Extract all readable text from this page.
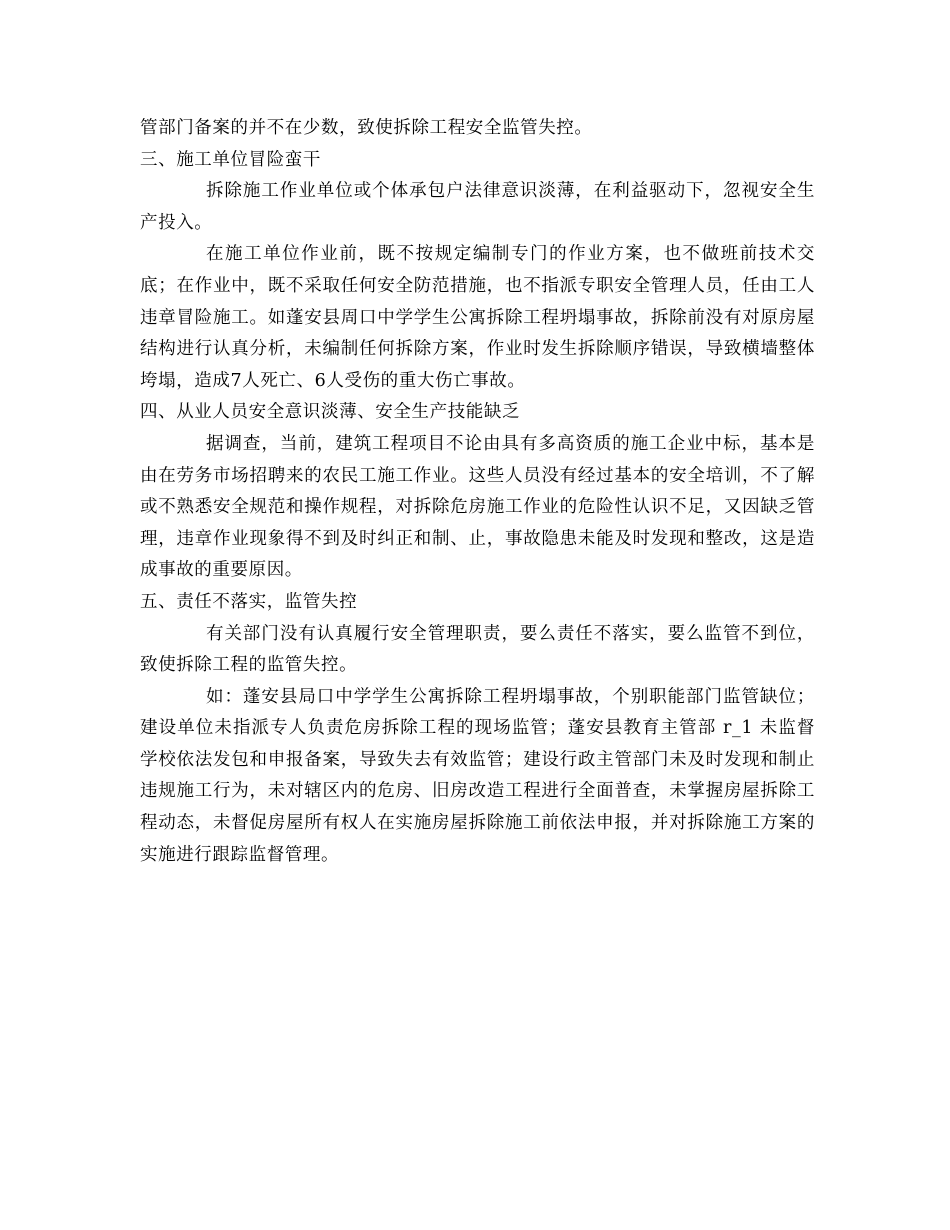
管部门备案的并不在少数，致使拆除工程安全监管失控。

三、施工单位冒险蛮干

拆除施工作业单位或个体承包户法律意识淡薄，在利益驱动下，忽视安全生产投入。

在施工单位作业前，既不按规定编制专门的作业方案，也不做班前技术交底；在作业中，既不采取任何安全防范措施，也不指派专职安全管理人员，任由工人违章冒险施工。如蓬安县周口中学学生公寓拆除工程坍塌事故，拆除前没有对原房屋结构进行认真分析，未编制任何拆除方案，作业时发生拆除顺序错误，导致横墙整体垮塌，造成7人死亡、6人受伤的重大伤亡事故。

四、从业人员安全意识淡薄、安全生产技能缺乏

据调查，当前，建筑工程项目不论由具有多高资质的施工企业中标，基本是由在劳务市场招聘来的农民工施工作业。这些人员没有经过基本的安全培训，不了解或不熟悉安全规范和操作规程，对拆除危房施工作业的危险性认识不足，又因缺乏管理，违章作业现象得不到及时纠正和制、止，事故隐患未能及时发现和整改，这是造成事故的重要原因。

五、责任不落实，监管失控

有关部门没有认真履行安全管理职责，要么责任不落实，要么监管不到位，致使拆除工程的监管失控。

如：蓬安县局口中学学生公寓拆除工程坍塌事故，个别职能部门监管缺位；建设单位未指派专人负责危房拆除工程的现场监管；蓬安县教育主管部 r_1 未监督学校依法发包和申报备案，导致失去有效监管；建设行政主管部门未及时发现和制止违规施工行为，未对辖区内的危房、旧房改造工程进行全面普查，未掌握房屋拆除工程动态，未督促房屋所有权人在实施房屋拆除施工前依法申报，并对拆除施工方案的实施进行跟踪监督管理。
